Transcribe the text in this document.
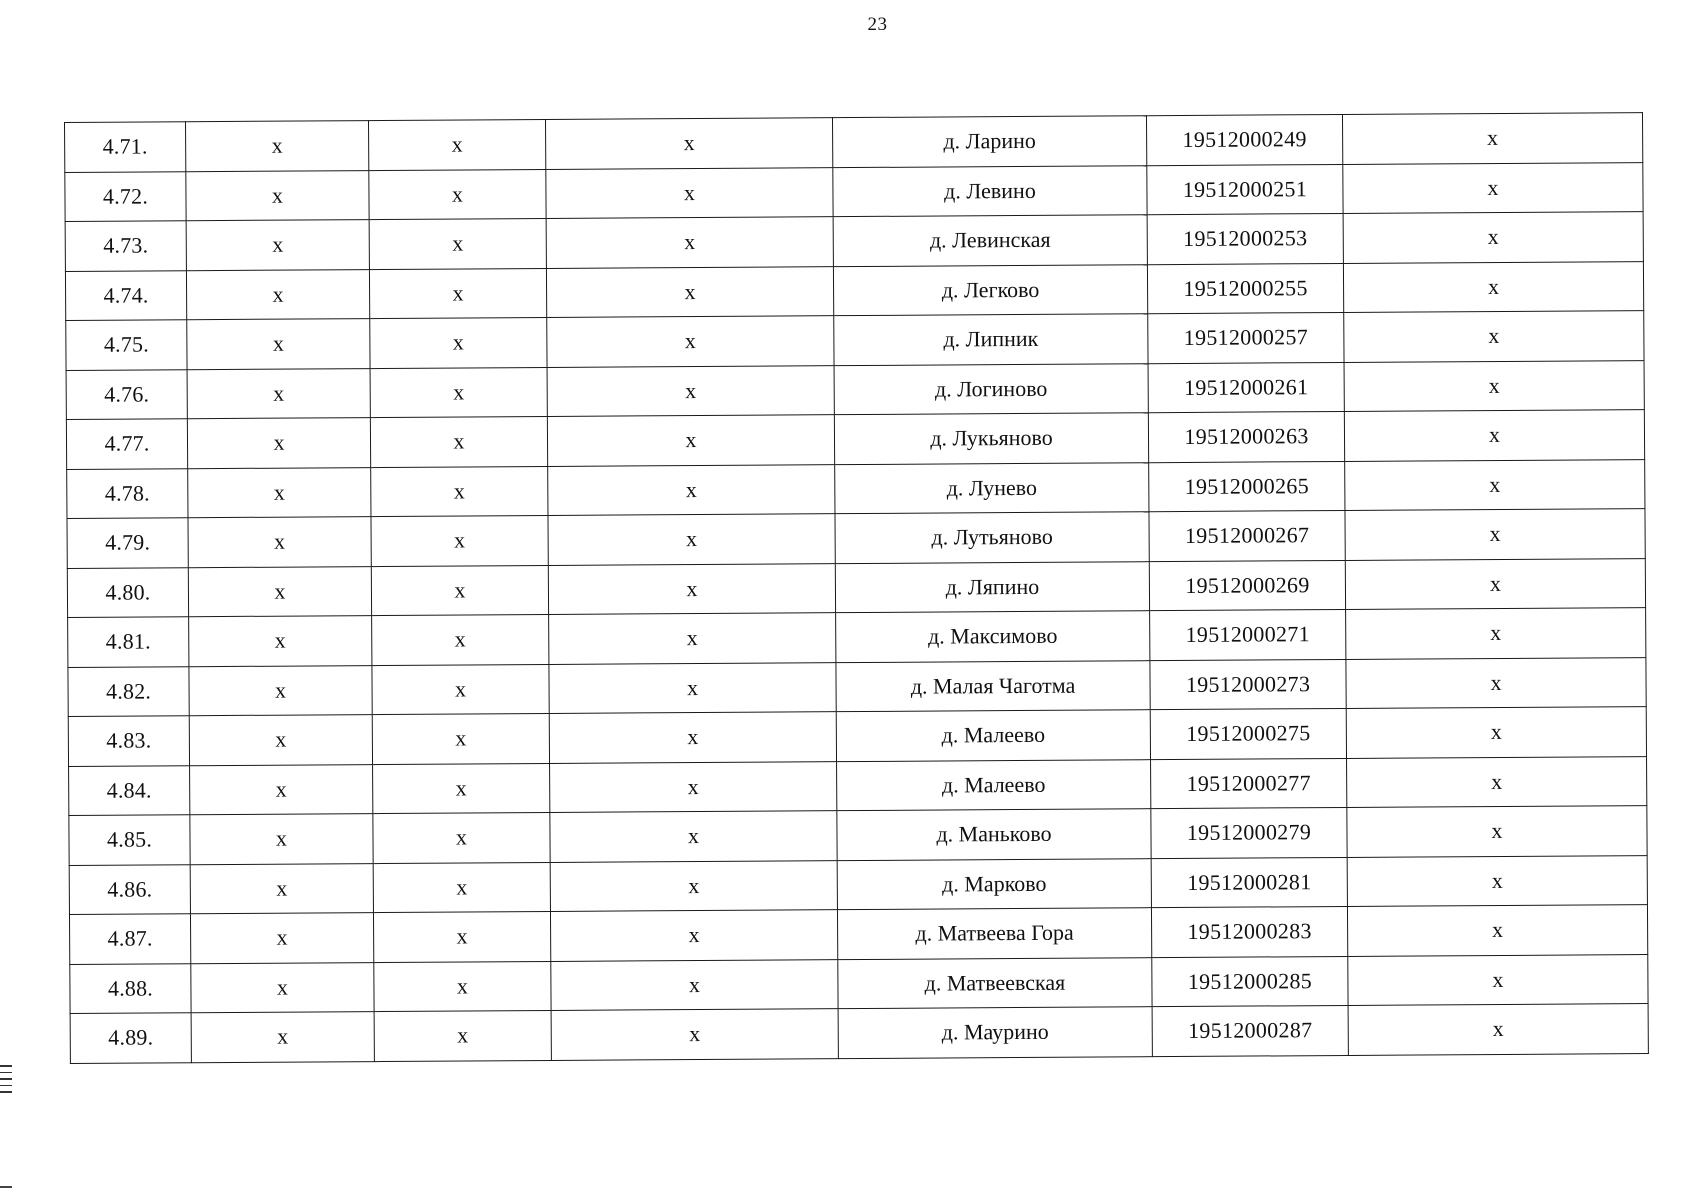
23
4.71.	х	х	х	д. Ларино	19512000249	х
4.72.	х	х	х	д. Левино	19512000251	х
4.73.	х	х	х	д. Левинская	19512000253	х
4.74.	х	х	х	д. Легково	19512000255	х
4.75.	х	х	х	д. Липник	19512000257	х
4.76.	х	х	х	д. Логиново	19512000261	х
4.77.	х	х	х	д. Лукьяново	19512000263	х
4.78.	х	х	х	д. Лунево	19512000265	х
4.79.	х	х	х	д. Лутьяново	19512000267	х
4.80.	х	х	х	д. Ляпино	19512000269	х
4.81.	х	х	х	д. Максимово	19512000271	х
4.82.	х	х	х	д. Малая Чаготма	19512000273	х
4.83.	х	х	х	д. Малеево	19512000275	х
4.84.	х	х	х	д. Малеево	19512000277	х
4.85.	х	х	х	д. Маньково	19512000279	х
4.86.	х	х	х	д. Марково	19512000281	х
4.87.	х	х	х	д. Матвеева Гора	19512000283	х
4.88.	х	х	х	д. Матвеевская	19512000285	х
4.89.	х	х	х	д. Маурино	19512000287	х
